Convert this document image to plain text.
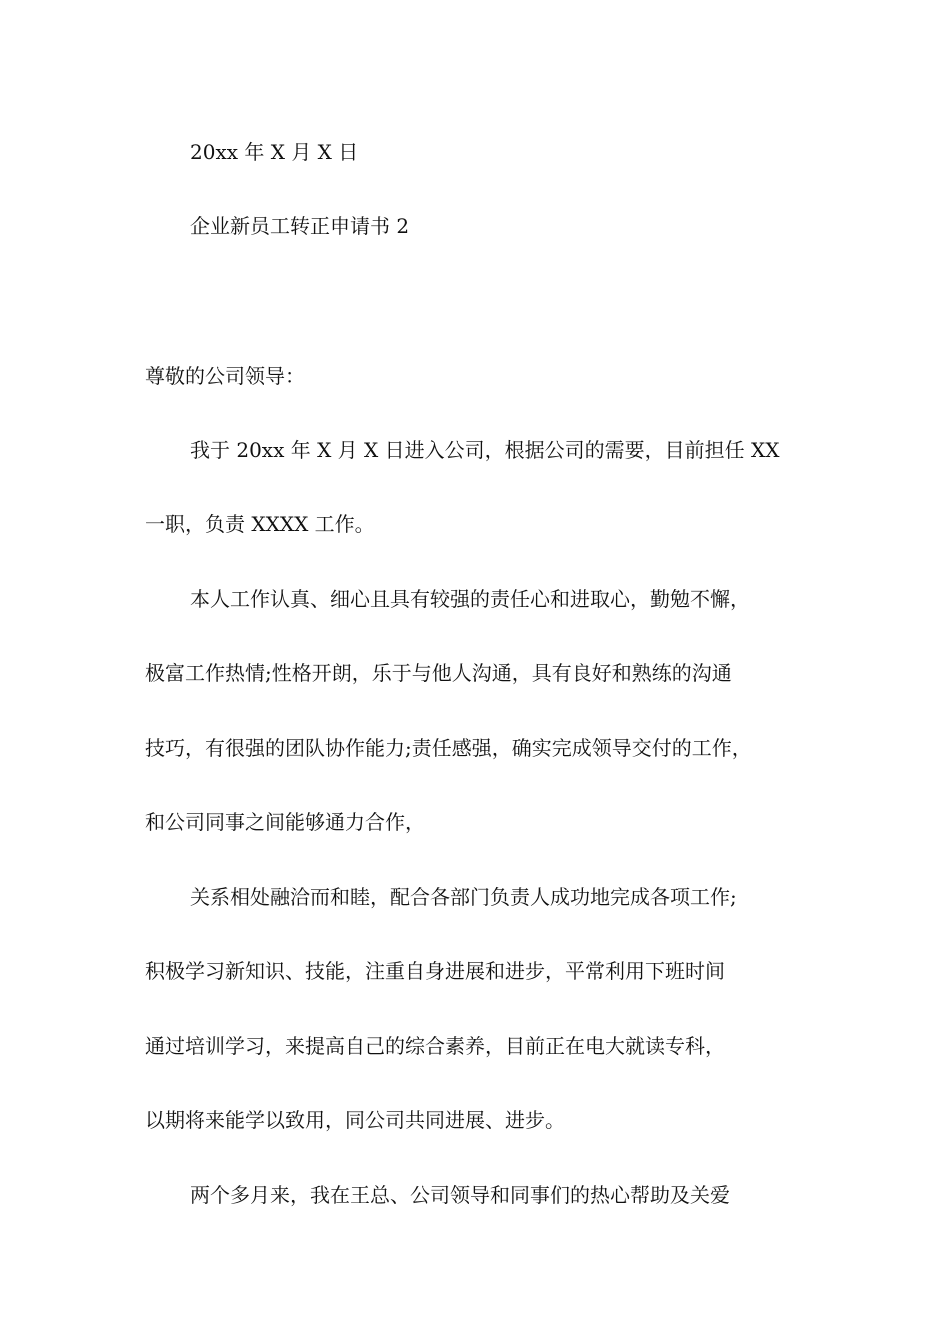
20xx 年 X 月 X 日

企业新员工转正申请书 2

尊敬的公司领导：

我于 20xx 年 X 月 X 日进入公司，根据公司的需要，目前担任 XX

一职，负责 XXXX 工作。

本人工作认真、细心且具有较强的责任心和进取心，勤勉不懈，

极富工作热情;性格开朗，乐于与他人沟通，具有良好和熟练的沟通

技巧，有很强的团队协作能力;责任感强，确实完成领导交付的工作，

和公司同事之间能够通力合作，

关系相处融洽而和睦，配合各部门负责人成功地完成各项工作;

积极学习新知识、技能，注重自身进展和进步，平常利用下班时间

通过培训学习，来提高自己的综合素养，目前正在电大就读专科，

以期将来能学以致用，同公司共同进展、进步。

两个多月来，我在王总、公司领导和同事们的热心帮助及关爱
